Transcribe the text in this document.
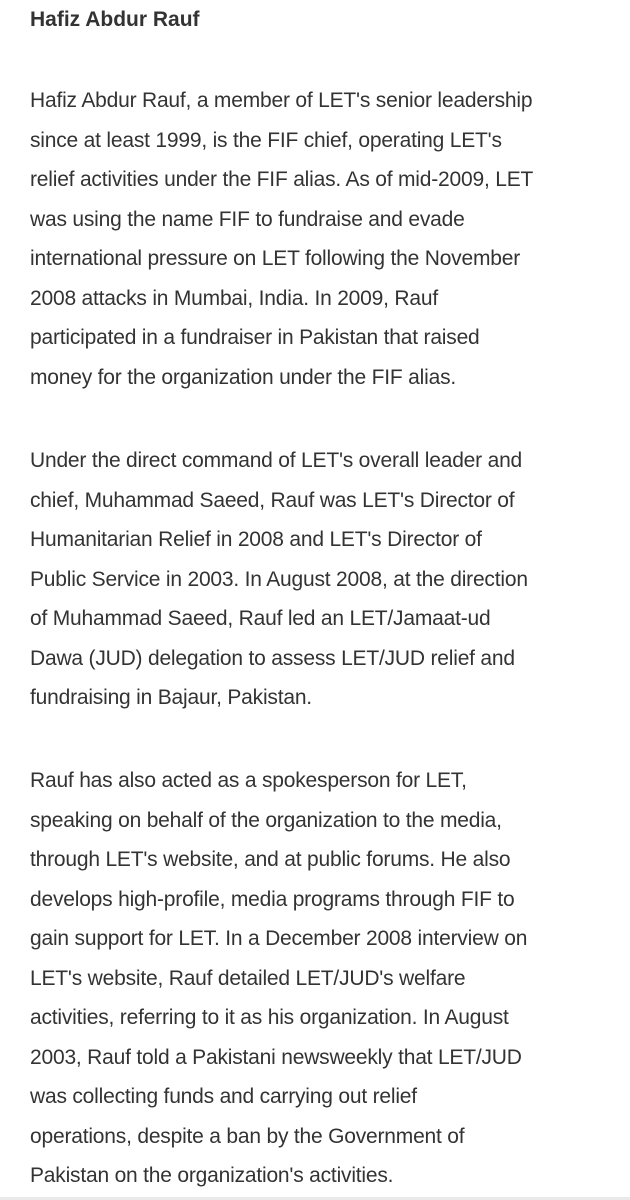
Hafiz Abdur Rauf

Hafiz Abdur Rauf, a member of LET's senior leadership
since at least 1999, is the FIF chief, operating LET's
relief activities under the FIF alias. As of mid-2009, LET
was using the name FIF to fundraise and evade
international pressure on LET following the November
2008 attacks in Mumbai, India. In 2009, Rauf
participated in a fundraiser in Pakistan that raised
money for the organization under the FIF alias.

Under the direct command of LET's overall leader and
chief, Muhammad Saeed, Rauf was LET's Director of
Humanitarian Relief in 2008 and LET's Director of
Public Service in 2003. In August 2008, at the direction
of Muhammad Saeed, Rauf led an LET/Jamaat-ud
Dawa (JUD) delegation to assess LET/JUD relief and
fundraising in Bajaur, Pakistan.

Rauf has also acted as a spokesperson for LET,
speaking on behalf of the organization to the media,
through LET's website, and at public forums. He also
develops high-profile, media programs through FIF to
gain support for LET. In a December 2008 interview on
LET's website, Rauf detailed LET/JUD's welfare
activities, referring to it as his organization. In August
2003, Rauf told a Pakistani newsweekly that LET/JUD
was collecting funds and carrying out relief
operations, despite a ban by the Government of
Pakistan on the organization's activities.
